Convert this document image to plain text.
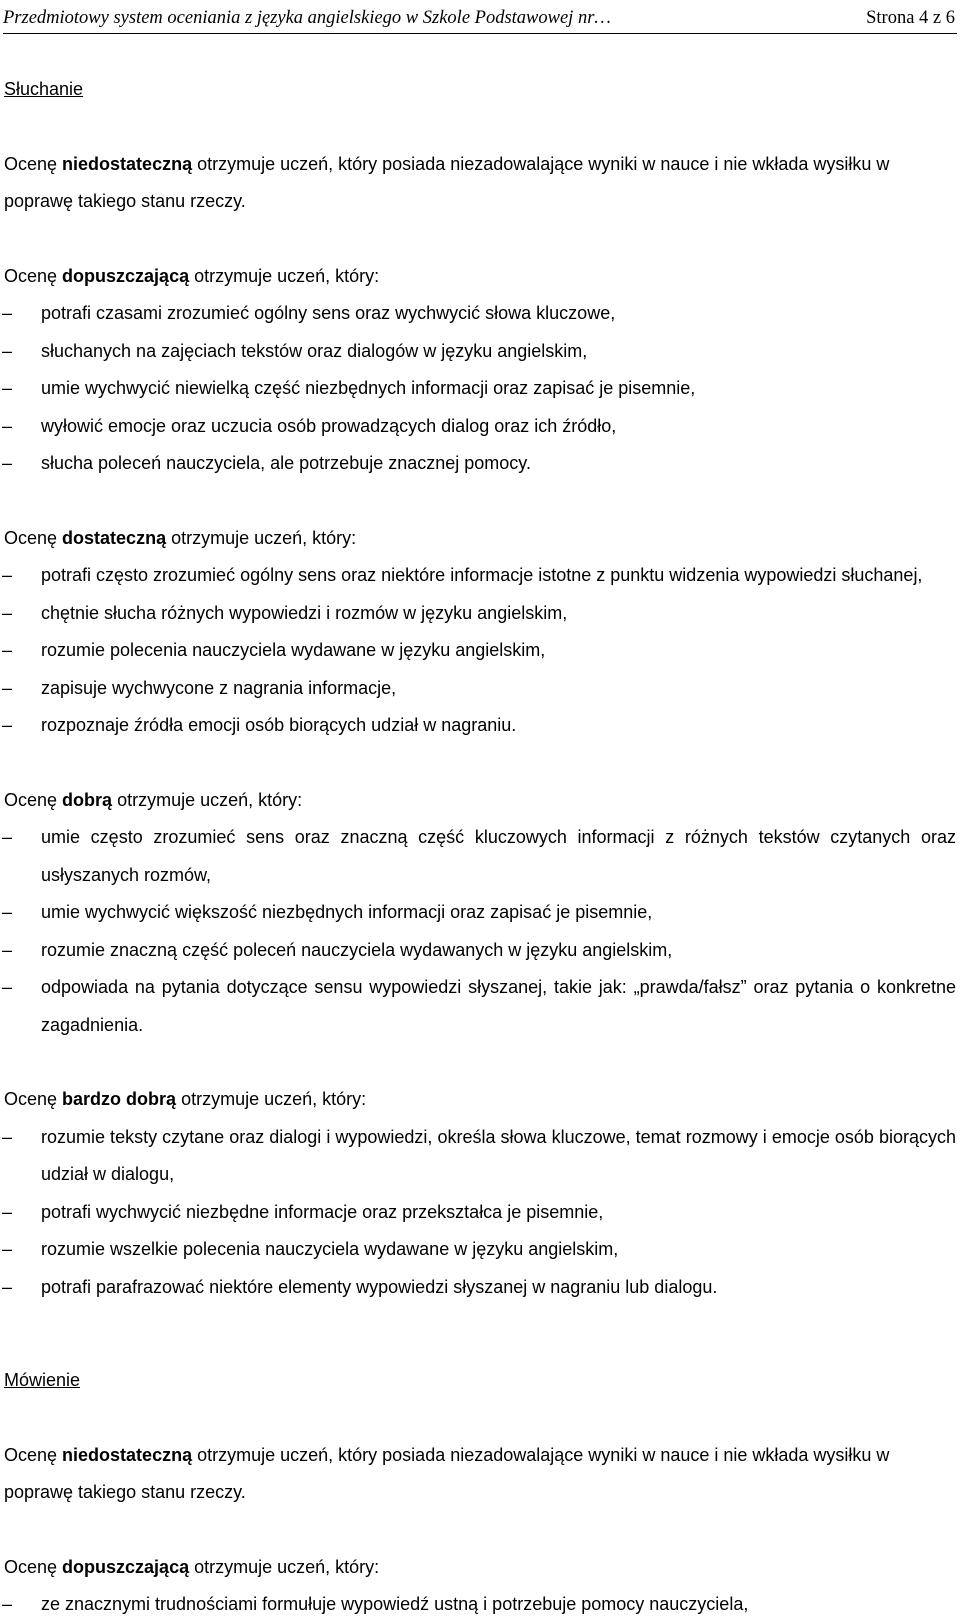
Przedmiotowy system oceniania z języka angielskiego w Szkole Podstawowej nr…	Strona 4 z 6
Słuchanie
Ocenę niedostateczną otrzymuje uczeń, który posiada niezadowalające wyniki w nauce i nie wkłada wysiłku w poprawę takiego stanu rzeczy.
Ocenę dopuszczającą otrzymuje uczeń, który:
– potrafi czasami zrozumieć ogólny sens oraz wychwycić słowa kluczowe,
– słuchanych na zajęciach tekstów oraz dialogów w języku angielskim,
– umie wychwycić niewielką część niezbędnych informacji oraz zapisać je pisemnie,
– wyłowić emocje oraz uczucia osób prowadzących dialog oraz ich źródło,
– słucha poleceń nauczyciela, ale potrzebuje znacznej pomocy.
Ocenę dostateczną otrzymuje uczeń, który:
– potrafi często zrozumieć ogólny sens oraz niektóre informacje istotne z punktu widzenia wypowiedzi słuchanej,
– chętnie słucha różnych wypowiedzi i rozmów w języku angielskim,
– rozumie polecenia nauczyciela wydawane w języku angielskim,
– zapisuje wychwycone z nagrania informacje,
– rozpoznaje źródła emocji osób biorących udział w nagraniu.
Ocenę dobrą otrzymuje uczeń, który:
– umie często zrozumieć sens oraz znaczną część kluczowych informacji z różnych tekstów czytanych oraz usłyszanych rozmów,
– umie wychwycić większość niezbędnych informacji oraz zapisać je pisemnie,
– rozumie znaczną część poleceń nauczyciela wydawanych w języku angielskim,
– odpowiada na pytania dotyczące sensu wypowiedzi słyszanej, takie jak: „prawda/fałsz” oraz pytania o konkretne zagadnienia.
Ocenę bardzo dobrą otrzymuje uczeń, który:
– rozumie teksty czytane oraz dialogi i wypowiedzi, określa słowa kluczowe, temat rozmowy i emocje osób biorących udział w dialogu,
– potrafi wychwycić niezbędne informacje oraz przekształca je pisemnie,
– rozumie wszelkie polecenia nauczyciela wydawane w języku angielskim,
– potrafi parafrazować niektóre elementy wypowiedzi słyszanej w nagraniu lub dialogu.
Mówienie
Ocenę niedostateczną otrzymuje uczeń, który posiada niezadowalające wyniki w nauce i nie wkłada wysiłku w poprawę takiego stanu rzeczy.
Ocenę dopuszczającą otrzymuje uczeń, który:
– ze znacznymi trudnościami formułuje wypowiedź ustną i potrzebuje pomocy nauczyciela,
